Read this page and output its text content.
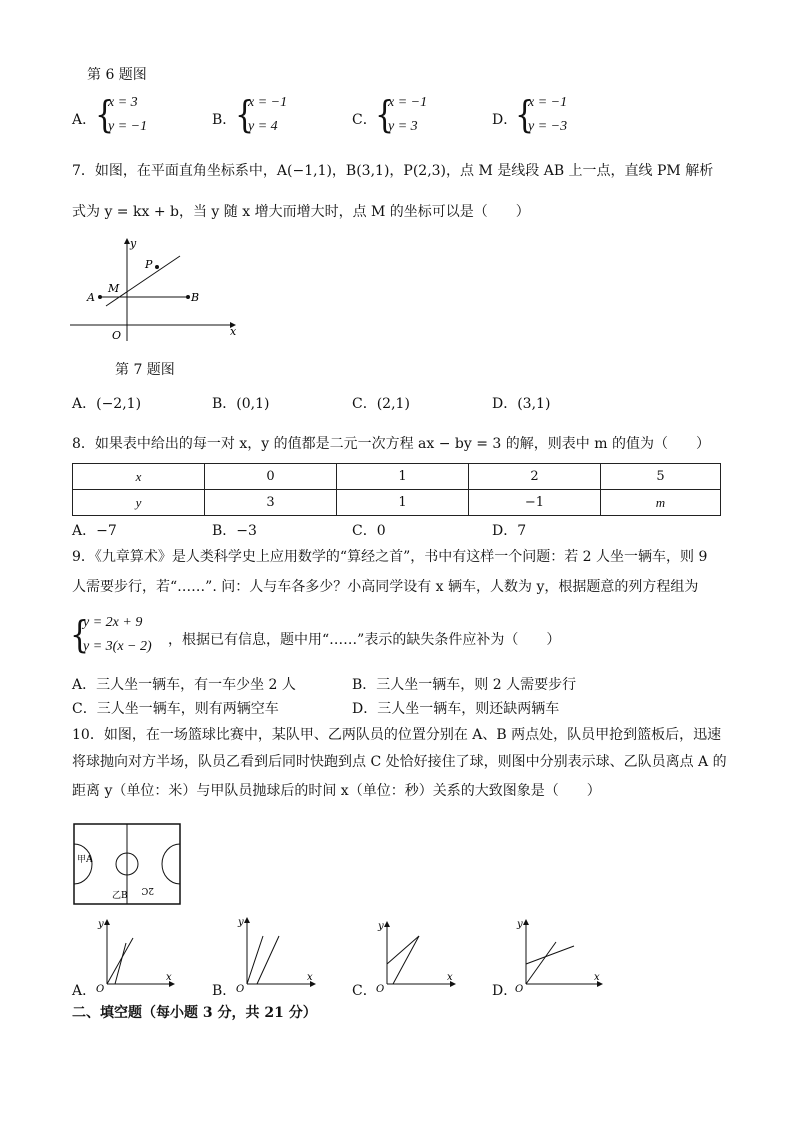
第 6 题图
A．
{
x = 3
y = −1	B．
{
x = −1
y = 4	C．
{
x = −1
y = 3	D．
{
x = −1
y = −3
7．如图，在平面直角坐标系中，A(−1,1)，B(3,1)，P(2,3)，点 M 是线段 AB 上一点，直线 PM 解析
式为 y = kx + b，当 y 随 x 增大而增大时，点 M 的坐标可以是（　　）
y
x
O
P
M
A	B
第 7 题图
A．(−2,1)	B．(0,1)	C．(2,1)	D．(3,1)
8．如果表中给出的每一对 x，y 的值都是二元一次方程 ax − by = 3 的解，则表中 m 的值为（　　）
x	0	1	2	5
y	3	1	−1	m
A．−7	B．−3	C．0	D．7
9．《九章算术》是人类科学史上应用数学的“算经之首”，书中有这样一个问题：若 2 人坐一辆车，则 9
人需要步行，若“……”. 问：人与车各多少？小高同学设有 x 辆车，人数为 y，根据题意的列方程组为
{
y = 2x + 9
y = 3(x − 2) ，根据已有信息，题中用“……”表示的缺失条件应补为（　　）
A．三人坐一辆车，有一车少坐 2 人	B．三人坐一辆车，则 2 人需要步行
C．三人坐一辆车，则有两辆空车	D．三人坐一辆车，则还缺两辆车
10．如图，在一场篮球比赛中，某队甲、乙两队员的位置分别在 A、B 两点处，队员甲抢到篮板后，迅速
将球抛向对方半场，队员乙看到后同时快跑到点 C 处恰好接住了球，则图中分别表示球、乙队员离点 A 的
距离 y（单位：米）与甲队员抛球后的时间 x（单位：秒）关系的大致图象是（　　）
甲A
乙B
2C
A．
y
x
O	B．
y
x
O	C．
y
x
O	D．
y
x
O
二、填空题（每小题 3 分，共 21 分）
